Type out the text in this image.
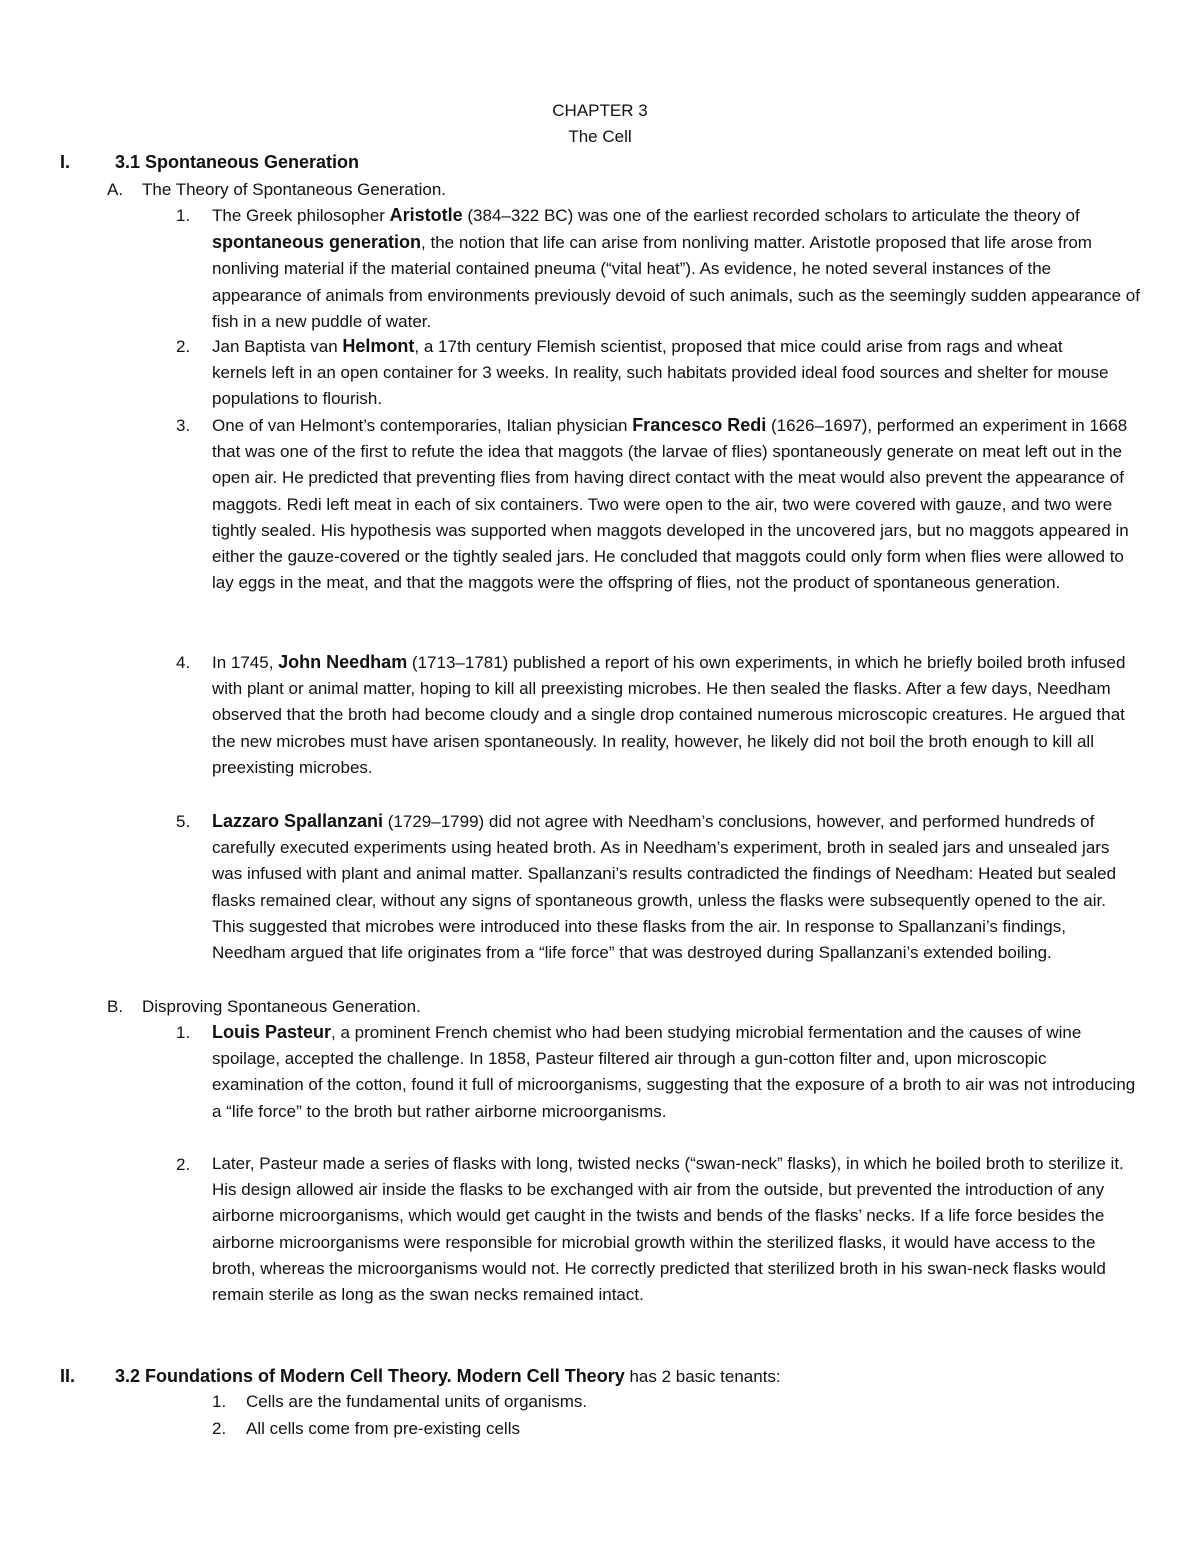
CHAPTER 3
The Cell
I. 3.1 Spontaneous Generation
A. The Theory of Spontaneous Generation.
1. The Greek philosopher Aristotle (384–322 BC) was one of the earliest recorded scholars to articulate the theory of spontaneous generation, the notion that life can arise from nonliving matter. Aristotle proposed that life arose from nonliving material if the material contained pneuma (“vital heat”). As evidence, he noted several instances of the appearance of animals from environments previously devoid of such animals, such as the seemingly sudden appearance of fish in a new puddle of water.
2. Jan Baptista van Helmont, a 17th century Flemish scientist, proposed that mice could arise from rags and wheat kernels left in an open container for 3 weeks. In reality, such habitats provided ideal food sources and shelter for mouse populations to flourish.
3. One of van Helmont’s contemporaries, Italian physician Francesco Redi (1626–1697), performed an experiment in 1668 that was one of the first to refute the idea that maggots (the larvae of flies) spontaneously generate on meat left out in the open air. He predicted that preventing flies from having direct contact with the meat would also prevent the appearance of maggots. Redi left meat in each of six containers. Two were open to the air, two were covered with gauze, and two were tightly sealed. His hypothesis was supported when maggots developed in the uncovered jars, but no maggots appeared in either the gauze-covered or the tightly sealed jars. He concluded that maggots could only form when flies were allowed to lay eggs in the meat, and that the maggots were the offspring of flies, not the product of spontaneous generation.
4. In 1745, John Needham (1713–1781) published a report of his own experiments, in which he briefly boiled broth infused with plant or animal matter, hoping to kill all preexisting microbes. He then sealed the flasks. After a few days, Needham observed that the broth had become cloudy and a single drop contained numerous microscopic creatures. He argued that the new microbes must have arisen spontaneously. In reality, however, he likely did not boil the broth enough to kill all preexisting microbes.
5. Lazzaro Spallanzani (1729–1799) did not agree with Needham’s conclusions, however, and performed hundreds of carefully executed experiments using heated broth. As in Needham’s experiment, broth in sealed jars and unsealed jars was infused with plant and animal matter. Spallanzani’s results contradicted the findings of Needham: Heated but sealed flasks remained clear, without any signs of spontaneous growth, unless the flasks were subsequently opened to the air. This suggested that microbes were introduced into these flasks from the air. In response to Spallanzani’s findings, Needham argued that life originates from a “life force” that was destroyed during Spallanzani’s extended boiling.
B. Disproving Spontaneous Generation.
1. Louis Pasteur, a prominent French chemist who had been studying microbial fermentation and the causes of wine spoilage, accepted the challenge. In 1858, Pasteur filtered air through a gun-cotton filter and, upon microscopic examination of the cotton, found it full of microorganisms, suggesting that the exposure of a broth to air was not introducing a “life force” to the broth but rather airborne microorganisms.
2. Later, Pasteur made a series of flasks with long, twisted necks (“swan-neck” flasks), in which he boiled broth to sterilize it. His design allowed air inside the flasks to be exchanged with air from the outside, but prevented the introduction of any airborne microorganisms, which would get caught in the twists and bends of the flasks’ necks. If a life force besides the airborne microorganisms were responsible for microbial growth within the sterilized flasks, it would have access to the broth, whereas the microorganisms would not. He correctly predicted that sterilized broth in his swan-neck flasks would remain sterile as long as the swan necks remained intact.
II. 3.2 Foundations of Modern Cell Theory. Modern Cell Theory has 2 basic tenants:
1. Cells are the fundamental units of organisms.
2. All cells come from pre-existing cells
